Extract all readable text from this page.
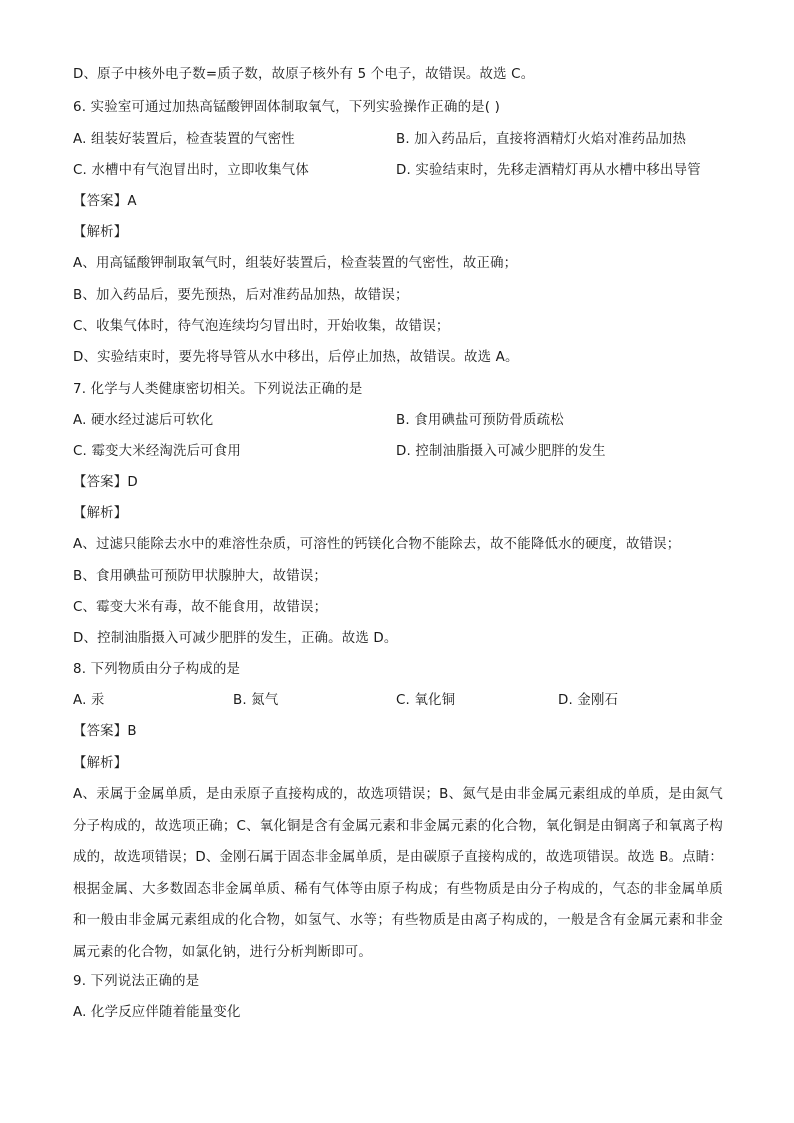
D、原子中核外电子数=质子数，故原子核外有 5 个电子，故错误。故选 C。
6. 实验室可通过加热高锰酸钾固体制取氧气，下列实验操作正确的是( )
A. 组装好装置后，检查装置的气密性	B. 加入药品后，直接将酒精灯火焰对准药品加热
C. 水槽中有气泡冒出时，立即收集气体	D. 实验结束时，先移走酒精灯再从水槽中移出导管
【答案】A
【解析】
A、用高锰酸钾制取氧气时，组装好装置后，检查装置的气密性，故正确；
B、加入药品后，要先预热，后对准药品加热，故错误；
C、收集气体时，待气泡连续均匀冒出时，开始收集，故错误；
D、实验结束时，要先将导管从水中移出，后停止加热，故错误。故选 A。
7. 化学与人类健康密切相关。下列说法正确的是
A. 硬水经过滤后可软化	B. 食用碘盐可预防骨质疏松
C. 霉变大米经淘洗后可食用	D. 控制油脂摄入可减少肥胖的发生
【答案】D
【解析】
A、过滤只能除去水中的难溶性杂质，可溶性的钙镁化合物不能除去，故不能降低水的硬度，故错误；
B、食用碘盐可预防甲状腺肿大，故错误；
C、霉变大米有毒，故不能食用，故错误；
D、控制油脂摄入可减少肥胖的发生，正确。故选 D。
8. 下列物质由分子构成的是
A. 汞	B. 氮气	C. 氧化铜	D. 金刚石
【答案】B
【解析】
A、汞属于金属单质，是由汞原子直接构成的，故选项错误；B、氮气是由非金属元素组成的单质，是由氮气分子构成的，故选项正确；C、氧化铜是含有金属元素和非金属元素的化合物，氧化铜是由铜离子和氧离子构成的，故选项错误；D、金刚石属于固态非金属单质，是由碳原子直接构成的，故选项错误。故选 B。点睛：根据金属、大多数固态非金属单质、稀有气体等由原子构成；有些物质是由分子构成的，气态的非金属单质和一般由非金属元素组成的化合物，如氢气、水等；有些物质是由离子构成的，一般是含有金属元素和非金属元素的化合物，如氯化钠，进行分析判断即可。
9. 下列说法正确的是
A. 化学反应伴随着能量变化
